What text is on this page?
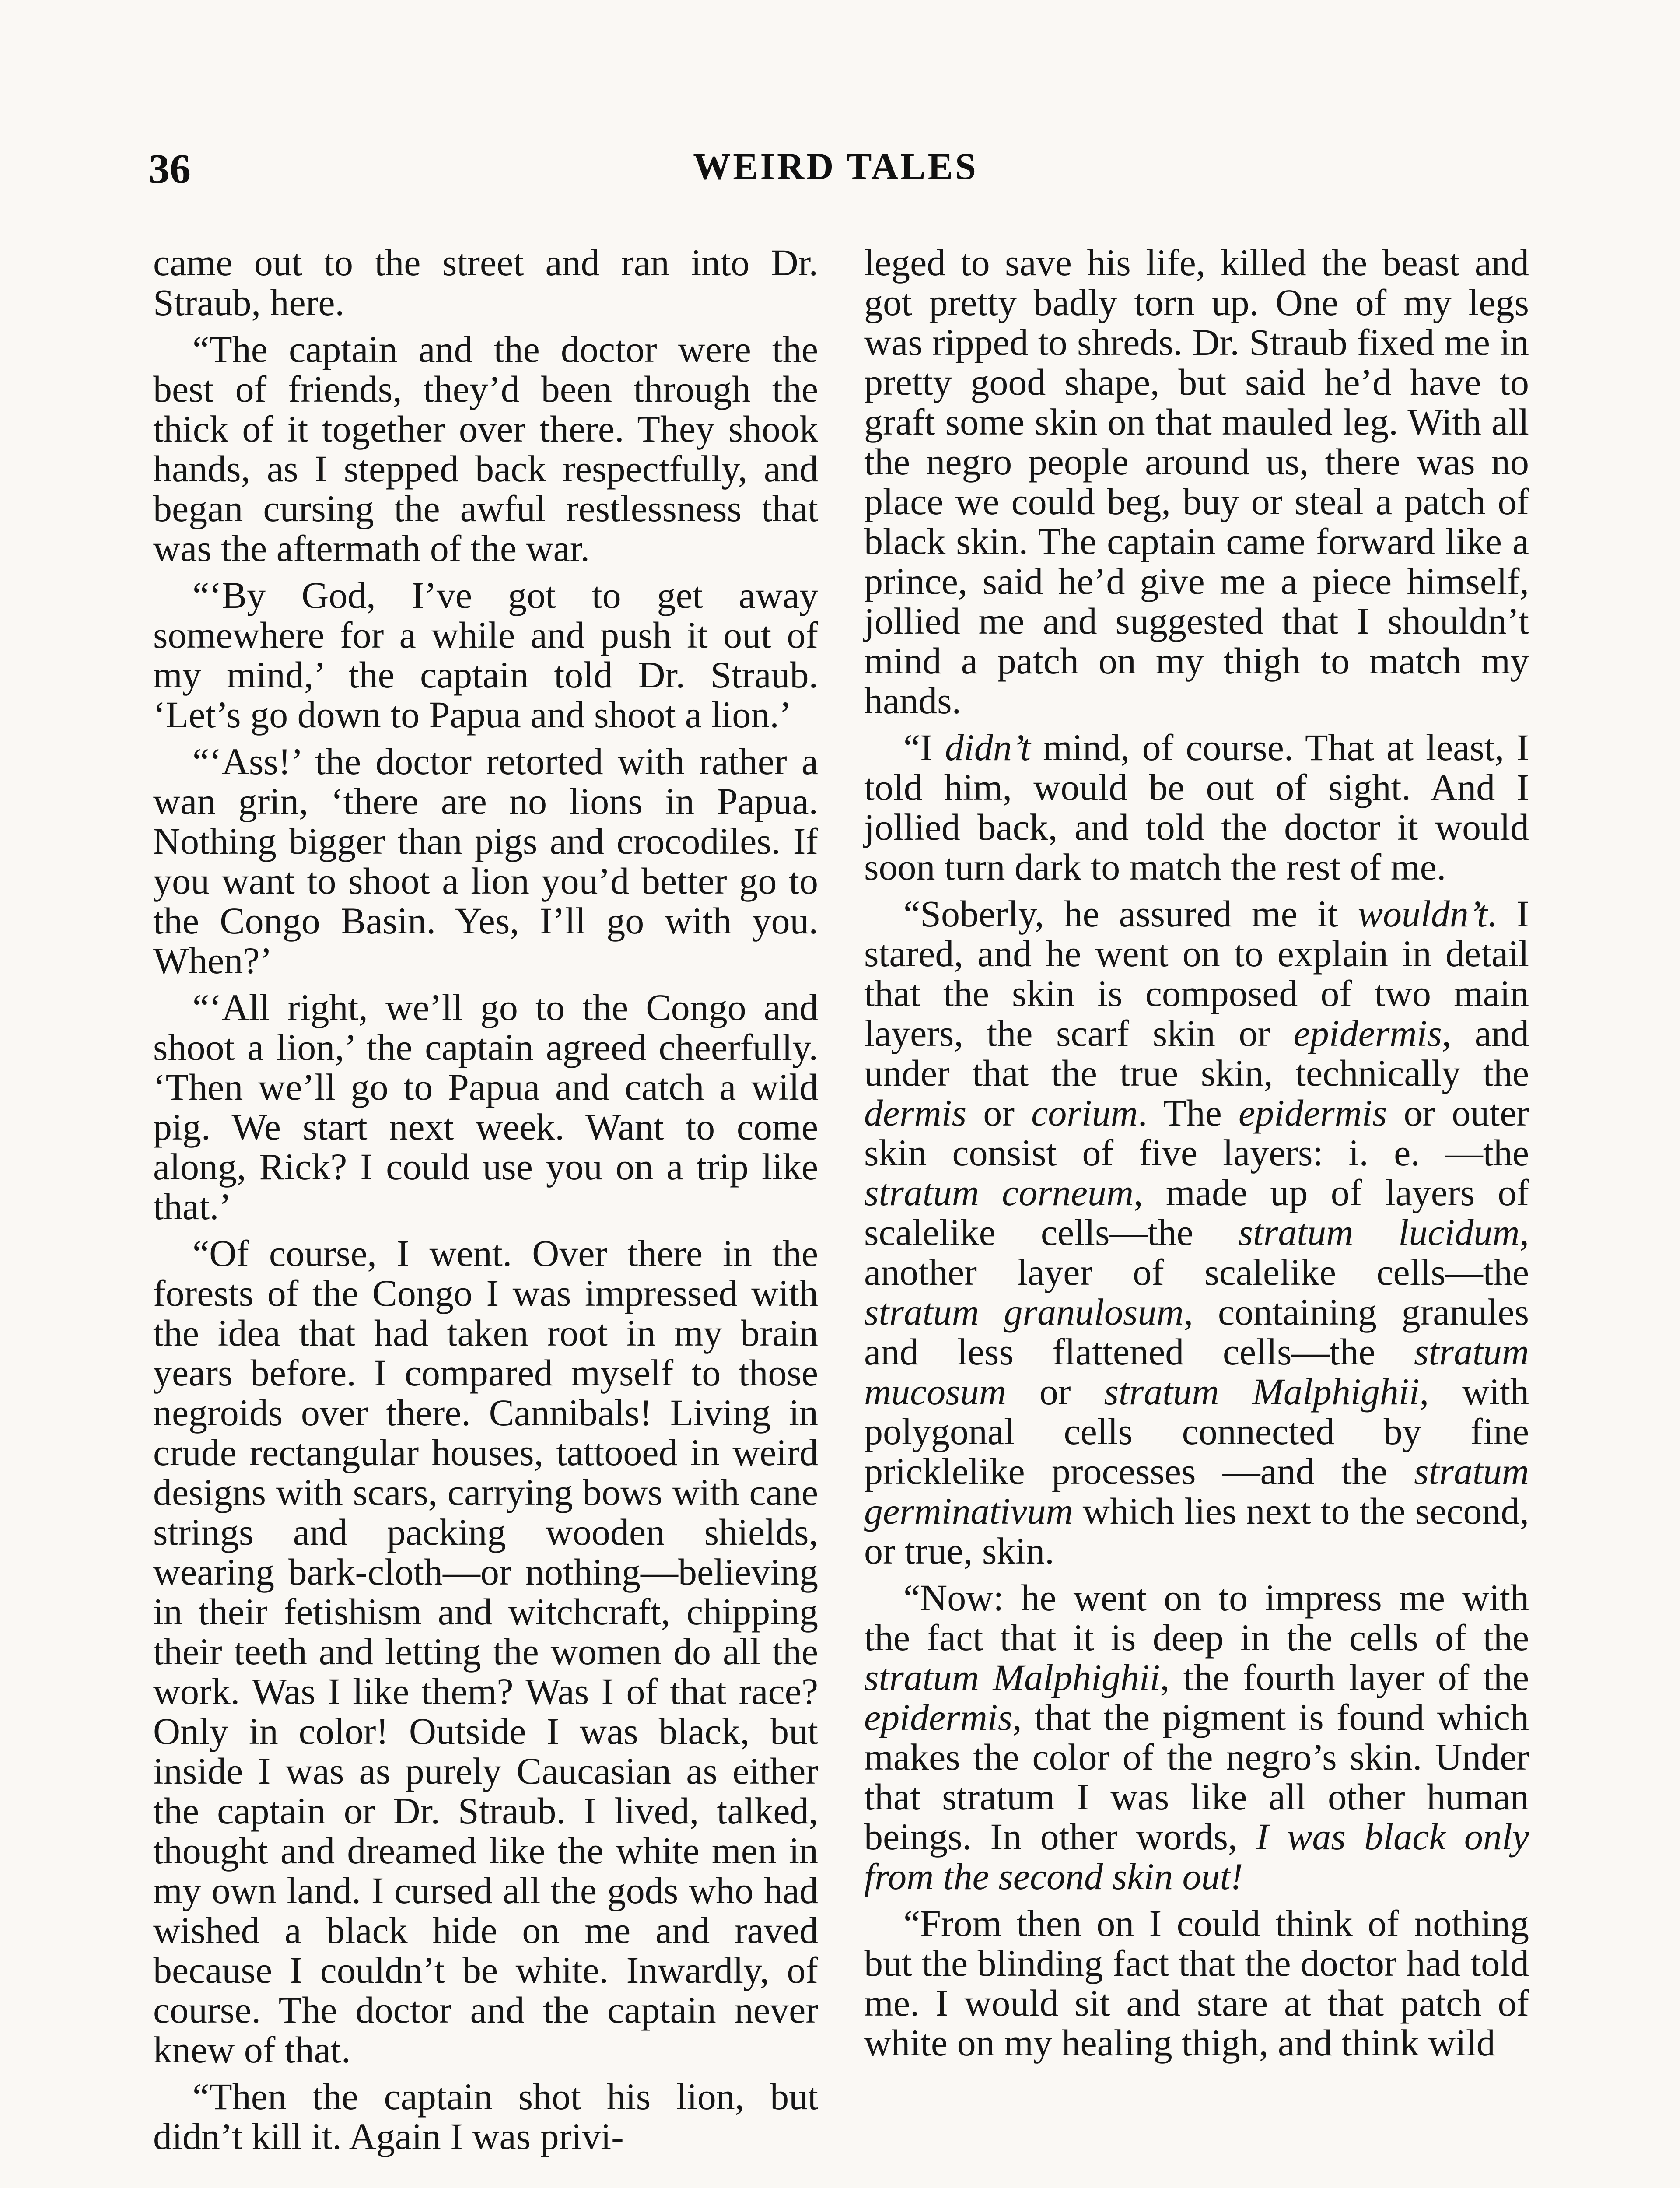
36	WEIRD TALES

came out to the street and ran into Dr. Straub, here.

“The captain and the doctor were the best of friends, they’d been through the thick of it together over there. They shook hands, as I stepped back respectfully, and began cursing the awful restlessness that was the aftermath of the war.

“‘By God, I’ve got to get away somewhere for a while and push it out of my mind,’ the captain told Dr. Straub. ‘Let’s go down to Papua and shoot a lion.’

“‘Ass!’ the doctor retorted with rather a wan grin, ‘there are no lions in Papua. Nothing bigger than pigs and crocodiles. If you want to shoot a lion you’d better go to the Congo Basin. Yes, I’ll go with you. When?’

“‘All right, we’ll go to the Congo and shoot a lion,’ the captain agreed cheerfully. ‘Then we’ll go to Papua and catch a wild pig. We start next week. Want to come along, Rick? I could use you on a trip like that.’

“Of course, I went. Over there in the forests of the Congo I was impressed with the idea that had taken root in my brain years before. I compared myself to those negroids over there. Cannibals! Living in crude rectangular houses, tattooed in weird designs with scars, carrying bows with cane strings and packing wooden shields, wearing bark-cloth—or nothing—believing in their fetishism and witchcraft, chipping their teeth and letting the women do all the work. Was I like them? Was I of that race? Only in color! Outside I was black, but inside I was as purely Caucasian as either the captain or Dr. Straub. I lived, talked, thought and dreamed like the white men in my own land. I cursed all the gods who had wished a black hide on me and raved because I couldn’t be white. Inwardly, of course. The doctor and the captain never knew of that.

“Then the captain shot his lion, but didn’t kill it. Again I was privi-

leged to save his life, killed the beast and got pretty badly torn up. One of my legs was ripped to shreds. Dr. Straub fixed me in pretty good shape, but said he’d have to graft some skin on that mauled leg. With all the negro people around us, there was no place we could beg, buy or steal a patch of black skin. The captain came forward like a prince, said he’d give me a piece himself, jollied me and suggested that I shouldn’t mind a patch on my thigh to match my hands.

“I didn’t mind, of course. That at least, I told him, would be out of sight. And I jollied back, and told the doctor it would soon turn dark to match the rest of me.

“Soberly, he assured me it wouldn’t. I stared, and he went on to explain in detail that the skin is composed of two main layers, the scarf skin or epidermis, and under that the true skin, technically the dermis or corium. The epidermis or outer skin consist of five layers: i. e. —the stratum corneum, made up of layers of scalelike cells—the stratum lucidum, another layer of scalelike cells—the stratum granulosum, containing granules and less flattened cells—the stratum mucosum or stratum Malphighii, with polygonal cells connected by fine pricklelike processes —and the stratum germinativum which lies next to the second, or true, skin.

“Now: he went on to impress me with the fact that it is deep in the cells of the stratum Malphighii, the fourth layer of the epidermis, that the pigment is found which makes the color of the negro’s skin. Under that stratum I was like all other human beings. In other words, I was black only from the second skin out!

“From then on I could think of nothing but the blinding fact that the doctor had told me. I would sit and stare at that patch of white on my healing thigh, and think wild
